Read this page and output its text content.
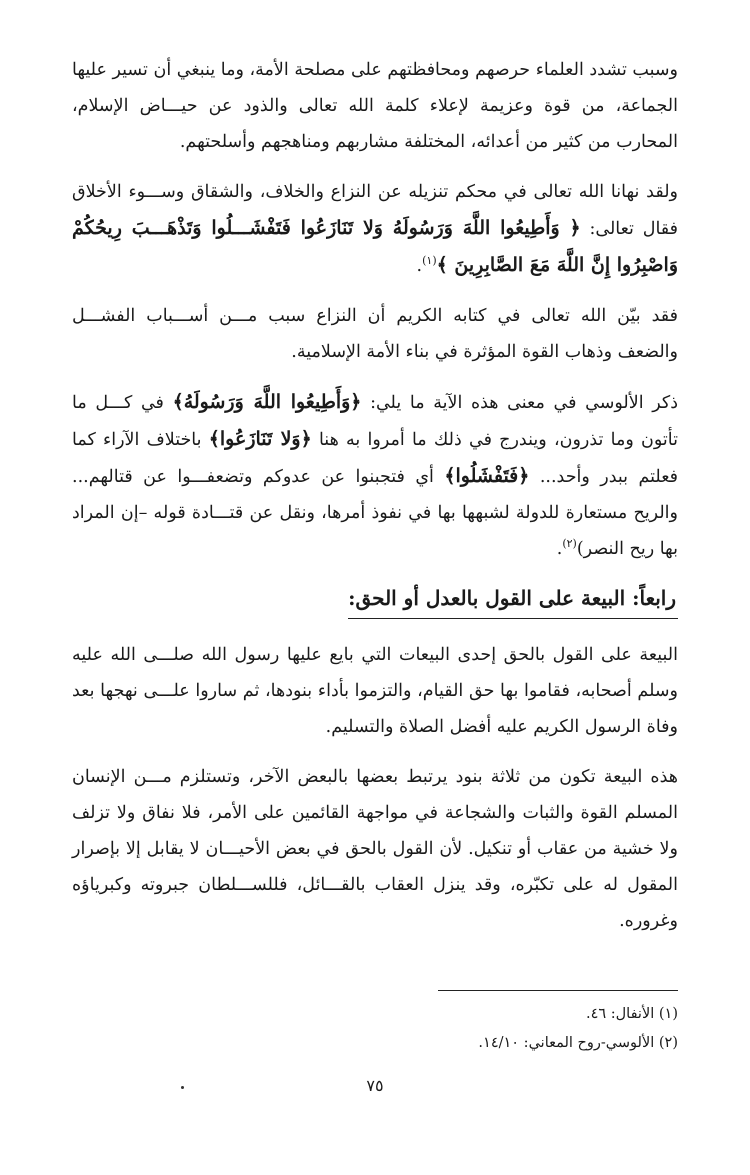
وسبب تشدد العلماء حرصهم ومحافظتهم على مصلحة الأمة، وما ينبغي أن تسير عليها الجماعة، من قوة وعزيمة لإعلاء كلمة الله تعالى والذود عن حيـــاض الإسلام، المحارب من كثير من أعدائه، المختلفة مشاربهم ومناهجهم وأسلحتهم.

ولقد نهانا الله تعالى في محكم تنزيله عن النزاع والخلاف، والشقاق وســـوء الأخلاق فقال تعالى: ﴿ وَأَطِيعُوا اللَّهَ وَرَسُولَهُ وَلا تَنَازَعُوا فَتَفْشَـــلُوا وَتَذْهَـــبَ رِيحُكُمْ وَاصْبِرُوا إِنَّ اللَّهَ مَعَ الصَّابِرِينَ ﴾$^{(١)}$.

فقد بيّن الله تعالى في كتابه الكريم أن النزاع سبب مـــن أســـباب الفشـــل والضعف وذهاب القوة المؤثرة في بناء الأمة الإسلامية.

ذكر الألوسي في معنى هذه الآية ما يلي: ﴿وَأَطِيعُوا اللَّهَ وَرَسُولَهُ﴾ في كـــل ما تأتون وما تذرون، ويندرج في ذلك ما أمروا به هنا ﴿وَلا تَنَازَعُوا﴾ باختلاف الآراء كما فعلتم ببدر وأحد... ﴿فَتَفْشَلُوا﴾ أي فتجبنوا عن عدوكم وتضعفـــوا عن قتالهم... والريح مستعارة للدولة لشبهها بها في نفوذ أمرها، ونقل عن قتـــادة قوله –إن المراد بها ريح النصر)$^{(٢)}$.

رابعاً: البيعة على القول بالعدل أو الحق:

البيعة على القول بالحق إحدى البيعات التي بايع عليها رسول الله صلـــى الله عليه وسلم أصحابه، فقاموا بها حق القيام، والتزموا بأداء بنودها، ثم ساروا علـــى نهجها بعد وفاة الرسول الكريم عليه أفضل الصلاة والتسليم.

هذه البيعة تكون من ثلاثة بنود يرتبط بعضها بالبعض الآخر، وتستلزم مـــن الإنسان المسلم القوة والثبات والشجاعة في مواجهة القائمين على الأمر، فلا نفاق ولا تزلف ولا خشية من عقاب أو تنكيل. لأن القول بالحق في بعض الأحيـــان لا يقابل إلا بإصرار المقول له على تكبّره، وقد ينزل العقاب بالقـــائل، فللســـلطان جبروته وكبرياؤه وغروره.

(١) الأنفال: ٤٦.
(٢) الألوسي-روح المعاني: ١٤/١٠.
٧٥
